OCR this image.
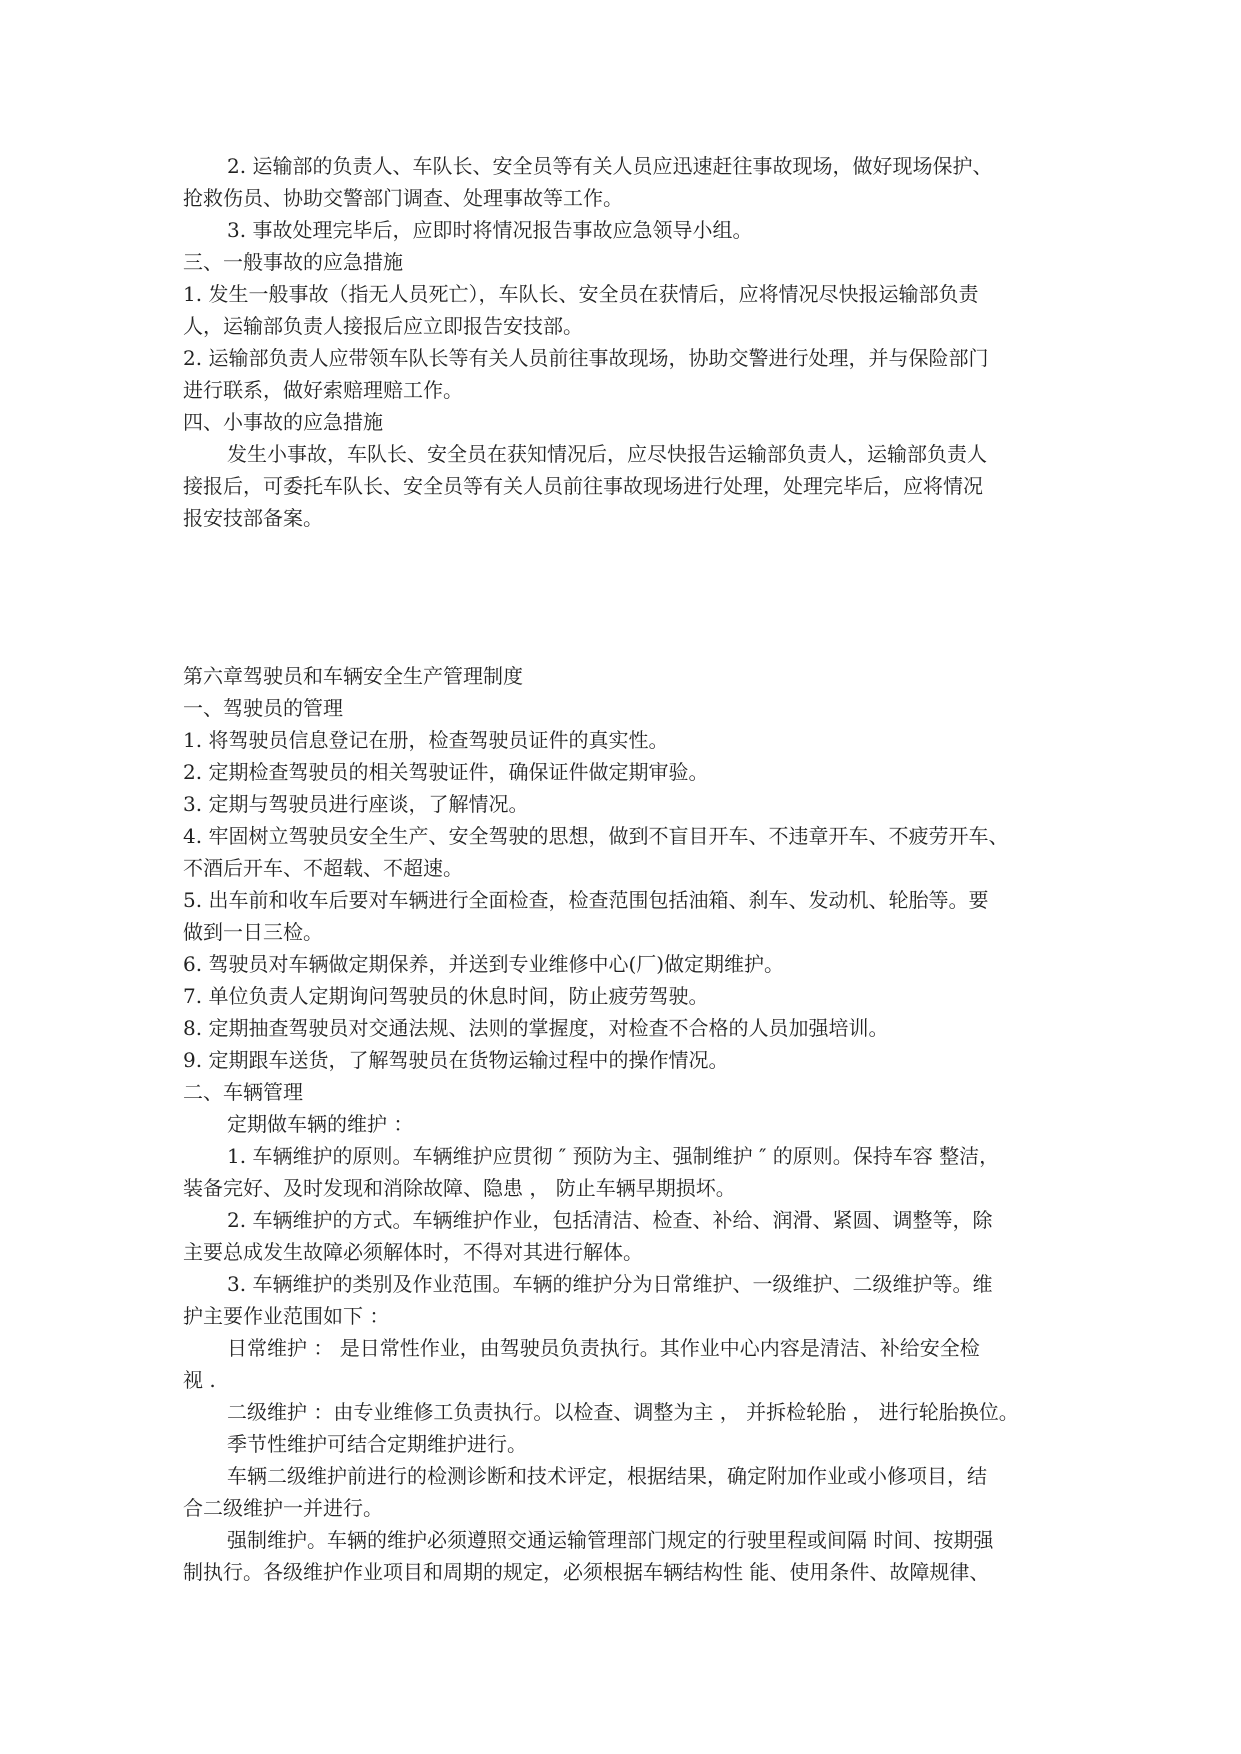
2. 运输部的负责人、车队长、安全员等有关人员应迅速赶往事故现场，做好现场保护、
抢救伤员、协助交警部门调查、处理事故等工作。
3. 事故处理完毕后，应即时将情况报告事故应急领导小组。
三、一般事故的应急措施
1. 发生一般事故（指无人员死亡），车队长、安全员在获情后，应将情况尽快报运输部负责
人，运输部负责人接报后应立即报告安技部。
2. 运输部负责人应带领车队长等有关人员前往事故现场，协助交警进行处理，并与保险部门
进行联系，做好索赔理赔工作。
四、小事故的应急措施
发生小事故，车队长、安全员在获知情况后，应尽快报告运输部负责人，运输部负责人
接报后，可委托车队长、安全员等有关人员前往事故现场进行处理，处理完毕后，应将情况
报安技部备案。
第六章驾驶员和车辆安全生产管理制度
一、驾驶员的管理
1. 将驾驶员信息登记在册，检查驾驶员证件的真实性。
2. 定期检查驾驶员的相关驾驶证件，确保证件做定期审验。
3. 定期与驾驶员进行座谈，了解情况。
4. 牢固树立驾驶员安全生产、安全驾驶的思想，做到不盲目开车、不违章开车、不疲劳开车、
不酒后开车、不超载、不超速。
5. 出车前和收车后要对车辆进行全面检查，检查范围包括油箱、刹车、发动机、轮胎等。要
做到一日三检。
6. 驾驶员对车辆做定期保养，并送到专业维修中心(厂)做定期维护。
7. 单位负责人定期询问驾驶员的休息时间，防止疲劳驾驶。
8. 定期抽查驾驶员对交通法规、法则的掌握度，对检查不合格的人员加强培训。
9. 定期跟车送货，了解驾驶员在货物运输过程中的操作情况。
二、车辆管理
定期做车辆的维护 ：
1. 车辆维护的原则。车辆维护应贯彻 ″ 预防为主、强制维护 ″ 的原则。保持车容 整洁，
装备完好、及时发现和消除故障、隐患 ， 防止车辆早期损坏。
2. 车辆维护的方式。车辆维护作业，包括清洁、检查、补给、润滑、紧圆、调整等，除
主要总成发生故障必须解体时，不得对其进行解体。
3. 车辆维护的类别及作业范围。车辆的维护分为日常维护、一级维护、二级维护等。维
护主要作业范围如下 ：
日常维护 ： 是日常性作业，由驾驶员负责执行。其作业中心内容是清洁、补给安全检
视 .
二级维护 ：由专业维修工负责执行。以检查、调整为主 ， 并拆检轮胎 ， 进行轮胎换位。
季节性维护可结合定期维护进行。
车辆二级维护前进行的检测诊断和技术评定，根据结果，确定附加作业或小修项目，结
合二级维护一并进行。
强制维护。车辆的维护必须遵照交通运输管理部门规定的行驶里程或间隔 时间、按期强
制执行。各级维护作业项目和周期的规定，必须根据车辆结构性 能、使用条件、故障规律、
